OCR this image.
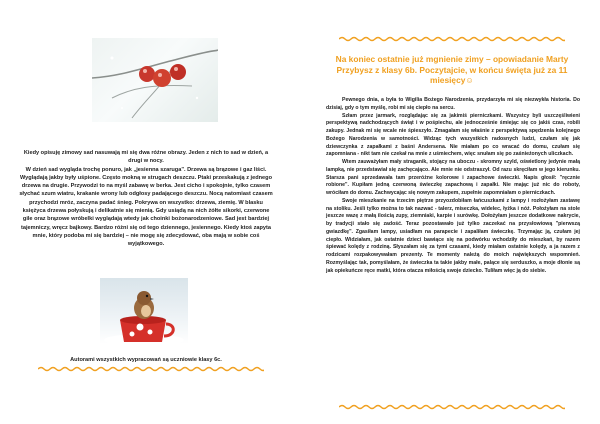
Kiedy opisuję zimowy sad nasuwają mi się dwa różne obrazy. Jeden z nich to sad w dzień, a drugi w nocy.

W dzień sad wygląda trochę ponuro, jak „jesienna szaruga". Drzewa są brązowe i gaz liści. Wyglądają jakby były uśpione. Często mokną w strugach deszczu. Ptaki przeskakują z jednego drzewa na drugie. Przywodzi to na myśl zabawę w berka. Jest cicho i spokojnie, tylko czasem słychać szum wiatru, krakanie wrony lub odgłosy padającego deszczu. Nocą natomiast czasem przychodzi mróz, zaczyna padać śnieg. Pokrywa on wszystko: drzewa, ziemię. W blasku księżyca drzewa połyskują i delikatnie się mienią. Gdy usiądą na nich żółte sikorki, czerwone gile oraz brązowe wróbelki wyglądają wtedy jak choinki bożonarodzeniowe. Sad jest bardziej tajemniczy, wręcz bajkowy. Bardzo różni się od tego dziennego, jesiennego. Kiedy ktoś zapyta mnie, który podoba mi się bardziej – nie mogę się zdecydować, oba mają w sobie coś wyjątkowego.

Autorami wszystkich wypracowań są uczniowie klasy 6c.
Na koniec ostatnie już mgnienie zimy – opowiadanie Marty Przybysz z klasy 6b. Poczytajcie, w końcu święta już za 11 miesięcy☺

Pewnego dnia, a była to Wigilia Bożego Narodzenia, przydarzyła mi się niezwykła historia. Do dzisiaj, gdy o tym myślę, robi mi się ciepło na sercu.

Szłam przez jarmark, rozglądając się za jakimiś pierniczkami. Wszystcy byli uszczęśliwieni perspektywą nadchodzących świąt i w pośpiechu, ale jednocześnie śmiejąc się co jakiś czas, robili zakupy. Jednak mi się wcale nie śpieszyło. Zmagałam się właśnie z perspektywą spędzenia kolejnego Bożego Narodzenia w samotności. Widząc tych wszystkich radosnych ludzi, czułam się jak dziewczynka z zapałkami z baśni Andersena. Nie miałam po co wracać do domu, czułam się zapomniana - nikt tam nie czekał na mnie z uśmiechem, więc snułam się po zaśnieżonych uliczkach.

Wtem zauważyłam mały straganik, stojący na uboczu - skromny szyld, oświetlony jedynie małą lampką, nie przedstawiał się zachęcająco. Ale mnie nie odstraszył. Od razu skręciłam w jego kierunku. Starsza pani sprzedawała tam przeróżne kolorowe i zapachowe świeczki. Napis głosił: "ręcznie robione". Kupiłam jedną czerwoną świeczkę zapachową i zapałki. Nie mając już nic do roboty, wróciłam do domu. Zachwycając się nowym zakupem, zupełnie zapomniałam o pierniczkach.

Swoje mieszkanie na trzecim piętrze przyozdobiłam łańcuszkami z lampy i rozłożyłam zastawę na stoliku. Jeśli tylko można to tak nazwać - talerz, miseczka, widelec, łyżka i nóż. Położyłam na stole jeszcze wazę z małą ilością zupy, ziemniaki, karpie i surówkę. Dołożyłam jeszcze dodatkowe nakrycie, by tradycji stało się zadość. Teraz pozostawało już tylko zaczekać na przysłowiową "pierwszą gwiazdkę". Zgasiłam lampy, usiadłam na parapecie i zapaliłam świeczkę. Trzymając ją, czułam jej ciepło. Widziałam, jak ostatnie dzieci bawiące się na podwórku wchodziły do mieszkań, by razem śpiewać kolędy z rodziną. Słyszałam się za tymi czasami, kiedy miałam ostatnie kolędy, a ja razem z rodzicami rozpakowywałam prezenty. Te momenty należą do moich największych wspomnień. Rozmyślając tak, pomyślałam, że świeczka ta takie jakby małe, palące się serduszko, a moje dłonie są jak opiekuńcze ręce matki, która otacza miłością swoje dziecko. Tuliłam więc ją do siebie.
